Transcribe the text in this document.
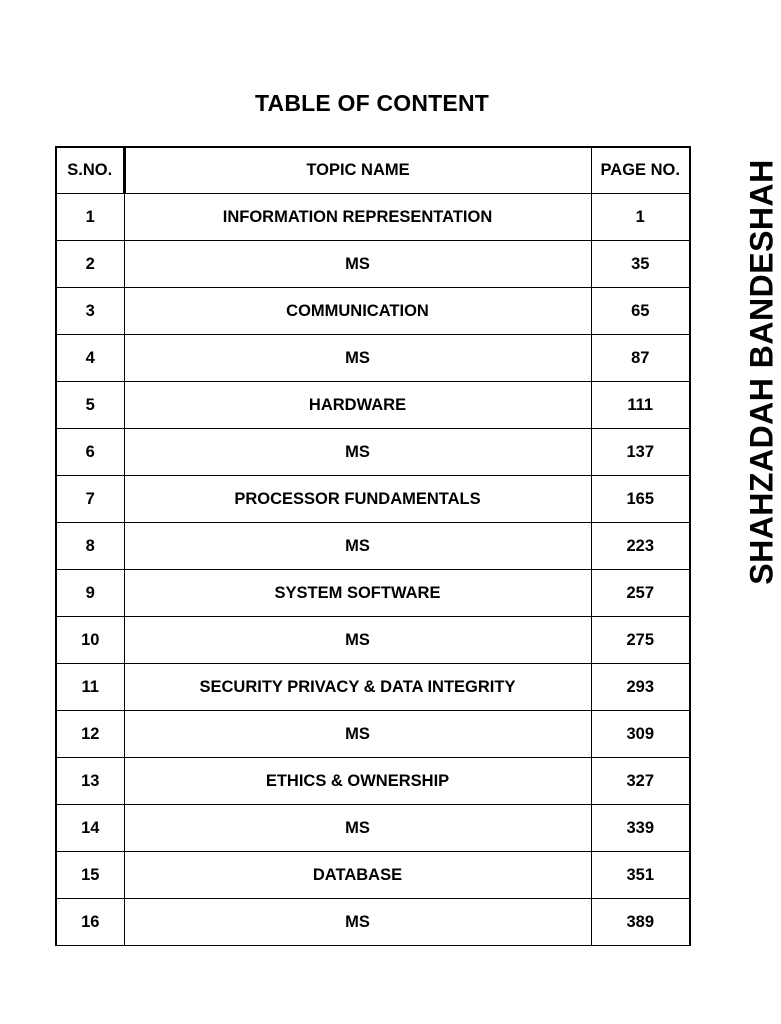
TABLE OF CONTENT
S.NO.	TOPIC NAME	PAGE NO.
1	INFORMATION REPRESENTATION	1
2	MS	35
3	COMMUNICATION	65
4	MS	87
5	HARDWARE	111
6	MS	137
7	PROCESSOR FUNDAMENTALS	165
8	MS	223
9	SYSTEM SOFTWARE	257
10	MS	275
11	SECURITY PRIVACY & DATA INTEGRITY	293
12	MS	309
13	ETHICS & OWNERSHIP	327
14	MS	339
15	DATABASE	351
16	MS	389
SHAHZADAH BANDESHAH
